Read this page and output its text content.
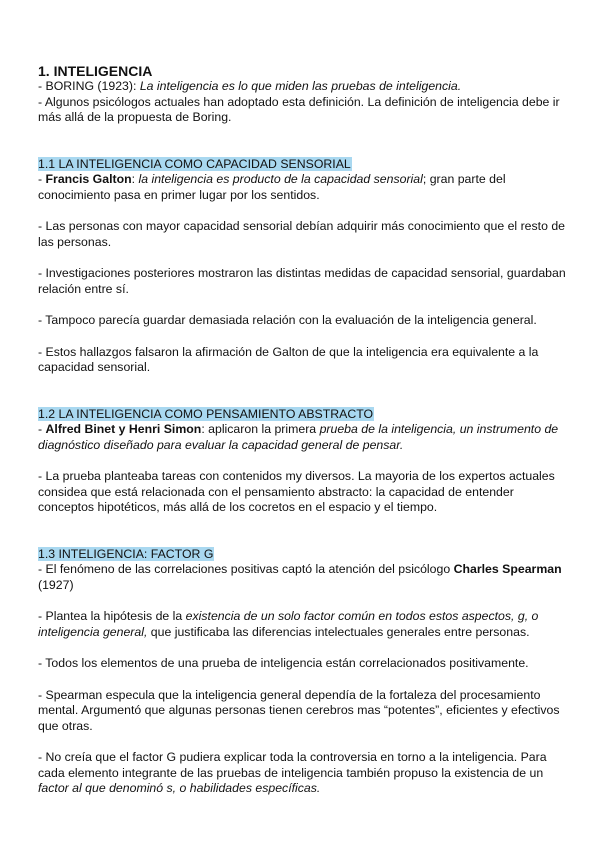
1. INTELIGENCIA

- BORING (1923): La inteligencia es lo que miden las pruebas de inteligencia.

- Algunos psicólogos actuales han adoptado esta definición. La definición de inteligencia debe ir más allá de la propuesta de Boring.

1.1 LA INTELIGENCIA COMO CAPACIDAD SENSORIAL

- Francis Galton: la inteligencia es producto de la capacidad sensorial; gran parte del conocimiento pasa en primer lugar por los sentidos.

- Las personas con mayor capacidad sensorial debían adquirir más conocimiento que el resto de las personas.

- Investigaciones posteriores mostraron las distintas medidas de capacidad sensorial, guardaban relación entre sí.

- Tampoco parecía guardar demasiada relación con la evaluación de la inteligencia general.

- Estos hallazgos falsaron la afirmación de Galton de que la inteligencia era equivalente a la capacidad sensorial.

1.2 LA INTELIGENCIA COMO PENSAMIENTO ABSTRACTO

- Alfred Binet y Henri Simon: aplicaron la primera prueba de la inteligencia, un instrumento de diagnóstico diseñado para evaluar la capacidad general de pensar.

- La prueba planteaba tareas con contenidos my diversos. La mayoria de los expertos actuales considea que está relacionada con el pensamiento abstracto: la capacidad de entender conceptos hipotéticos, más allá de los cocretos en el espacio y el tiempo.

1.3 INTELIGENCIA: FACTOR G

- El fenómeno de las correlaciones positivas captó la atención del psicólogo Charles Spearman (1927)

- Plantea la hipótesis de la existencia de un solo factor común en todos estos aspectos, g, o inteligencia general, que justificaba las diferencias intelectuales generales entre personas.

- Todos los elementos de una prueba de inteligencia están correlacionados positivamente.

- Spearman especula que la inteligencia general dependía de la fortaleza del procesamiento mental. Argumentó que algunas personas tienen cerebros mas “potentes”, eficientes y efectivos que otras.

- No creía que el factor G pudiera explicar toda la controversia en torno a la inteligencia. Para cada elemento integrante de las pruebas de inteligencia también propuso la existencia de un factor al que denominó s, o habilidades específicas.
